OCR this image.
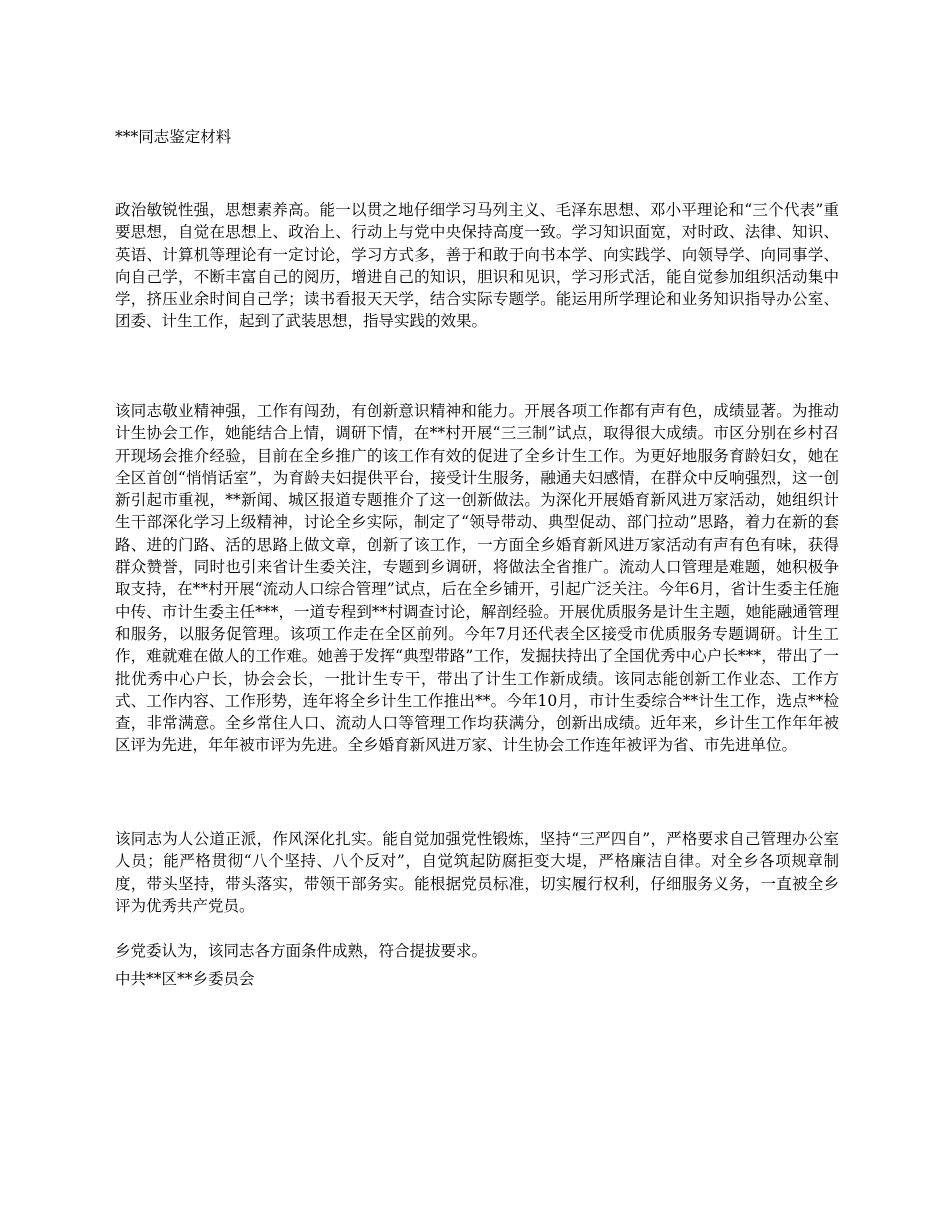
***同志鉴定材料

政治敏锐性强，思想素养高。能一以贯之地仔细学习马列主义、毛泽东思想、邓小平理论和“三个代表”重要思想，自觉在思想上、政治上、行动上与党中央保持高度一致。学习知识面宽，对时政、法律、知识、英语、计算机等理论有一定讨论，学习方式多，善于和敢于向书本学、向实践学、向领导学、向同事学、向自己学，不断丰富自己的阅历，增进自己的知识，胆识和见识，学习形式活，能自觉参加组织活动集中学，挤压业余时间自己学；读书看报天天学，结合实际专题学。能运用所学理论和业务知识指导办公室、团委、计生工作，起到了武装思想，指导实践的效果。

该同志敬业精神强，工作有闯劲，有创新意识精神和能力。开展各项工作都有声有色，成绩显著。为推动计生协会工作，她能结合上情，调研下情，在**村开展“三三制”试点，取得很大成绩。市区分别在乡村召开现场会推介经验，目前在全乡推广的该工作有效的促进了全乡计生工作。为更好地服务育龄妇女，她在全区首创“悄悄话室”，为育龄夫妇提供平台，接受计生服务，融通夫妇感情，在群众中反响强烈，这一创新引起市重视，**新闻、城区报道专题推介了这一创新做法。为深化开展婚育新风进万家活动，她组织计生干部深化学习上级精神，讨论全乡实际，制定了“领导带动、典型促动、部门拉动”思路，着力在新的套路、进的门路、活的思路上做文章，创新了该工作，一方面全乡婚育新风进万家活动有声有色有味，获得群众赞誉，同时也引来省计生委关注，专题到乡调研，将做法全省推广。流动人口管理是难题，她积极争取支持，在**村开展“流动人口综合管理”试点，后在全乡铺开，引起广泛关注。今年6月，省计生委主任施中传、市计生委主任***，一道专程到**村调查讨论，解剖经验。开展优质服务是计生主题，她能融通管理和服务，以服务促管理。该项工作走在全区前列。今年7月还代表全区接受市优质服务专题调研。计生工作，难就难在做人的工作难。她善于发挥“典型带路”工作，发掘扶持出了全国优秀中心户长***，带出了一批优秀中心户长，协会会长，一批计生专干，带出了计生工作新成绩。该同志能创新工作业态、工作方式、工作内容、工作形势，连年将全乡计生工作推出**。今年10月，市计生委综合**计生工作，选点**检查，非常满意。全乡常住人口、流动人口等管理工作均获满分，创新出成绩。近年来，乡计生工作年年被区评为先进，年年被市评为先进。全乡婚育新风进万家、计生协会工作连年被评为省、市先进单位。

该同志为人公道正派，作风深化扎实。能自觉加强党性锻炼，坚持“三严四自”，严格要求自己管理办公室人员；能严格贯彻“八个坚持、八个反对”，自觉筑起防腐拒变大堤，严格廉洁自律。对全乡各项规章制度，带头坚持，带头落实，带领干部务实。能根据党员标准，切实履行权利，仔细服务义务，一直被全乡评为优秀共产党员。

乡党委认为，该同志各方面条件成熟，符合提拔要求。

中共**区**乡委员会
